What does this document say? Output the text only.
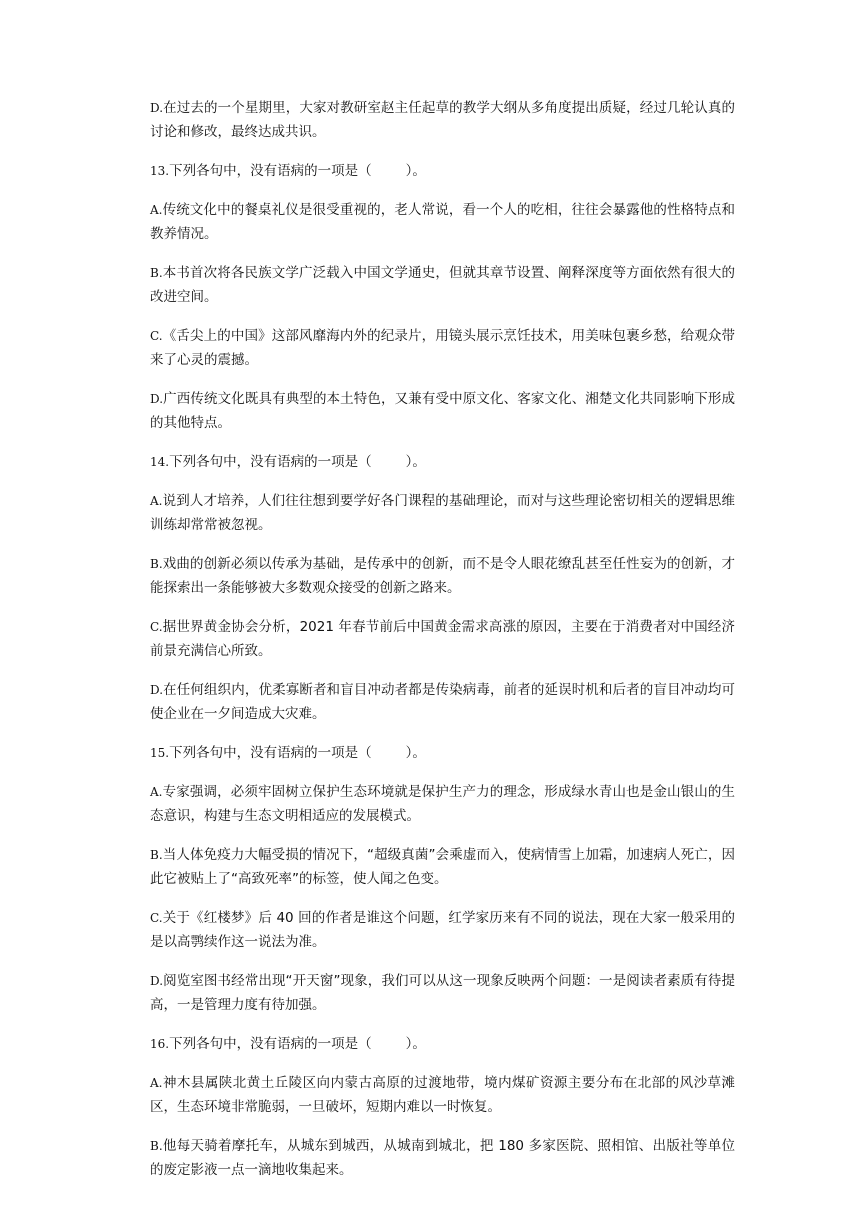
D.在过去的一个星期里，大家对教研室赵主任起草的教学大纲从多角度提出质疑，经过几轮认真的讨论和修改，最终达成共识。

13.下列各句中，没有语病的一项是（	）。

A.传统文化中的餐桌礼仪是很受重视的，老人常说，看一个人的吃相，往往会暴露他的性格特点和教养情况。

B.本书首次将各民族文学广泛载入中国文学通史，但就其章节设置、阐释深度等方面依然有很大的改进空间。

C.《舌尖上的中国》这部风靡海内外的纪录片，用镜头展示烹饪技术，用美味包裹乡愁，给观众带来了心灵的震撼。

D.广西传统文化既具有典型的本土特色，又兼有受中原文化、客家文化、湘楚文化共同影响下形成的其他特点。

14.下列各句中，没有语病的一项是（	）。

A.说到人才培养，人们往往想到要学好各门课程的基础理论，而对与这些理论密切相关的逻辑思维训练却常常被忽视。

B.戏曲的创新必须以传承为基础，是传承中的创新，而不是令人眼花缭乱甚至任性妄为的创新，才能探索出一条能够被大多数观众接受的创新之路来。

C.据世界黄金协会分析，2021 年春节前后中国黄金需求高涨的原因，主要在于消费者对中国经济前景充满信心所致。

D.在任何组织内，优柔寡断者和盲目冲动者都是传染病毒，前者的延误时机和后者的盲目冲动均可使企业在一夕间造成大灾难。

15.下列各句中，没有语病的一项是（	）。

A.专家强调，必须牢固树立保护生态环境就是保护生产力的理念，形成绿水青山也是金山银山的生态意识，构建与生态文明相适应的发展模式。

B.当人体免疫力大幅受损的情况下，“超级真菌”会乘虚而入，使病情雪上加霜，加速病人死亡，因此它被贴上了“高致死率”的标签，使人闻之色变。

C.关于《红楼梦》后 40 回的作者是谁这个问题，红学家历来有不同的说法，现在大家一般采用的是以高鹗续作这一说法为准。

D.阅览室图书经常出现“开天窗”现象，我们可以从这一现象反映两个问题：一是阅读者素质有待提高，一是管理力度有待加强。

16.下列各句中，没有语病的一项是（	）。

A.神木县属陕北黄土丘陵区向内蒙古高原的过渡地带，境内煤矿资源主要分布在北部的风沙草滩区，生态环境非常脆弱，一旦破坏，短期内难以一时恢复。

B.他每天骑着摩托车，从城东到城西，从城南到城北，把 180 多家医院、照相馆、出版社等单位的废定影液一点一滴地收集起来。
